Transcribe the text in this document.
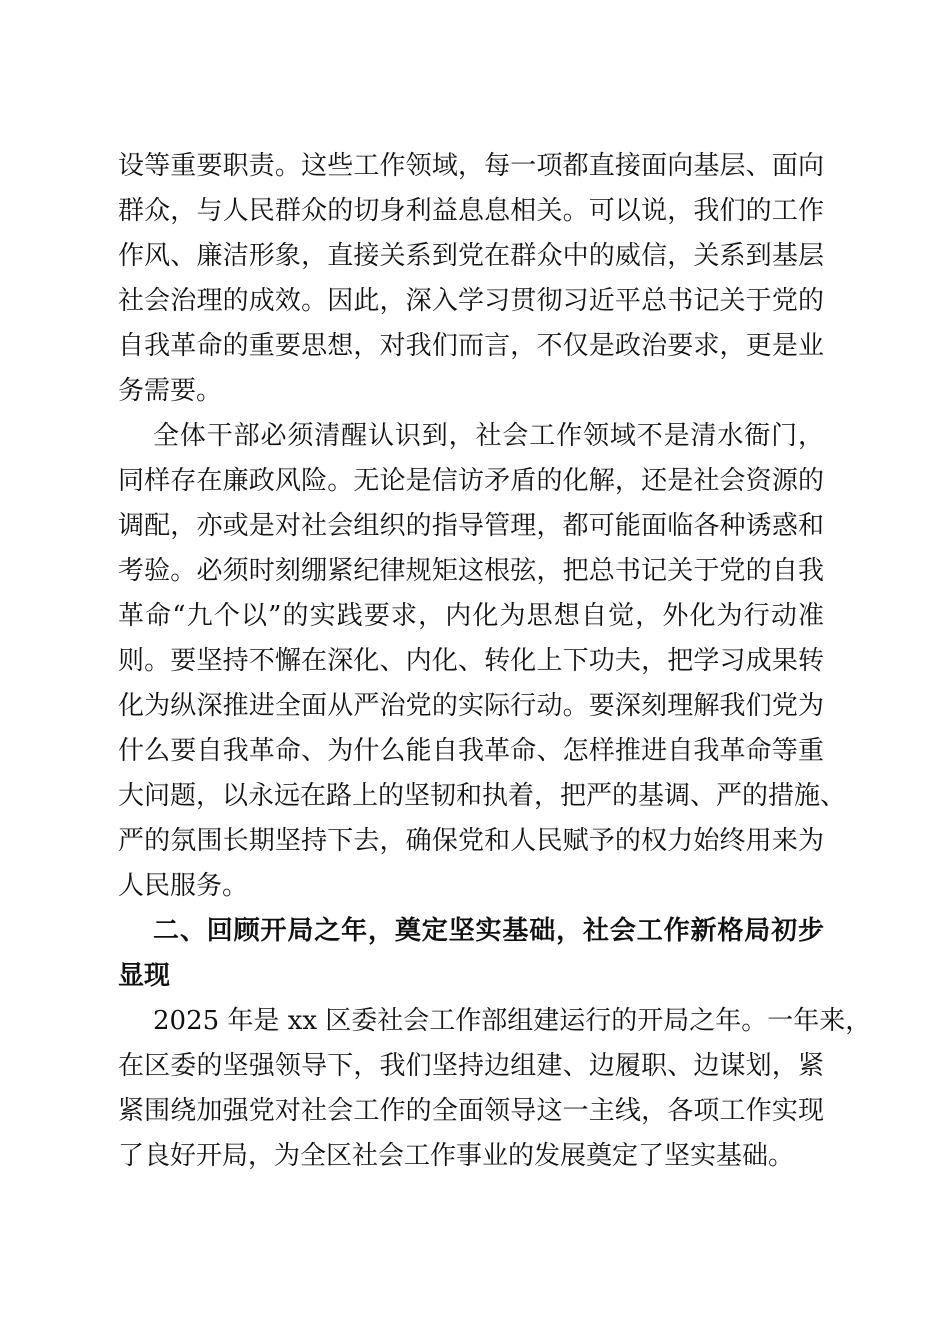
设等重要职责。这些工作领域，每一项都直接面向基层、面向
群众，与人民群众的切身利益息息相关。可以说，我们的工作
作风、廉洁形象，直接关系到党在群众中的威信，关系到基层
社会治理的成效。因此，深入学习贯彻习近平总书记关于党的
自我革命的重要思想，对我们而言，不仅是政治要求，更是业
务需要。
全体干部必须清醒认识到，社会工作领域不是清水衙门，
同样存在廉政风险。无论是信访矛盾的化解，还是社会资源的
调配，亦或是对社会组织的指导管理，都可能面临各种诱惑和
考验。必须时刻绷紧纪律规矩这根弦，把总书记关于党的自我
革命“九个以”的实践要求，内化为思想自觉，外化为行动准
则。要坚持不懈在深化、内化、转化上下功夫，把学习成果转
化为纵深推进全面从严治党的实际行动。要深刻理解我们党为
什么要自我革命、为什么能自我革命、怎样推进自我革命等重
大问题，以永远在路上的坚韧和执着，把严的基调、严的措施、
严的氛围长期坚持下去，确保党和人民赋予的权力始终用来为
人民服务。
二、回顾开局之年，奠定坚实基础，社会工作新格局初步
显现
2025 年是 xx 区委社会工作部组建运行的开局之年。一年来，
在区委的坚强领导下，我们坚持边组建、边履职、边谋划，紧
紧围绕加强党对社会工作的全面领导这一主线，各项工作实现
了良好开局，为全区社会工作事业的发展奠定了坚实基础。
